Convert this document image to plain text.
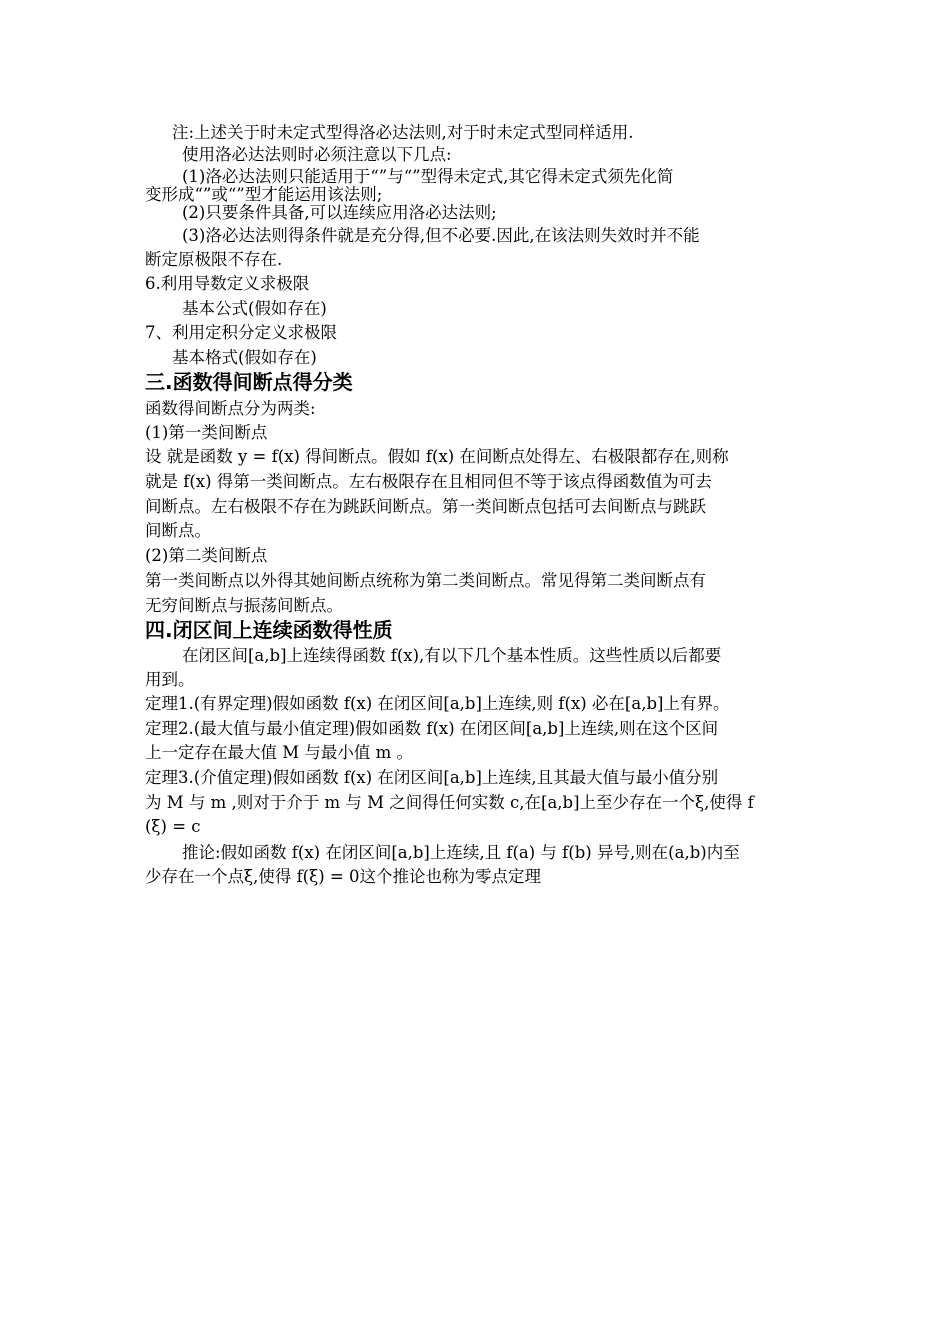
注:上述关于时未定式型得洛必达法则,对于时未定式型同样适用.
使用洛必达法则时必须注意以下几点:
(1)洛必达法则只能适用于“”与“”型得未定式,其它得未定式须先化简
变形成“”或“”型才能运用该法则;
(2)只要条件具备,可以连续应用洛必达法则;
(3)洛必达法则得条件就是充分得,但不必要.因此,在该法则失效时并不能
断定原极限不存在.
6.利用导数定义求极限
基本公式(假如存在)
7、利用定积分定义求极限
基本格式(假如存在)
三.函数得间断点得分类
函数得间断点分为两类:
(1)第一类间断点
设 就是函数 y = f(x) 得间断点。假如 f(x) 在间断点处得左、右极限都存在,则称
就是 f(x) 得第一类间断点。左右极限存在且相同但不等于该点得函数值为可去
间断点。左右极限不存在为跳跃间断点。第一类间断点包括可去间断点与跳跃
间断点。
(2)第二类间断点
第一类间断点以外得其她间断点统称为第二类间断点。常见得第二类间断点有
无穷间断点与振荡间断点。
四.闭区间上连续函数得性质
在闭区间[a,b]上连续得函数 f(x),有以下几个基本性质。这些性质以后都要
用到。
定理1.(有界定理)假如函数 f(x) 在闭区间[a,b]上连续,则 f(x) 必在[a,b]上有界。
定理2.(最大值与最小值定理)假如函数 f(x) 在闭区间[a,b]上连续,则在这个区间
上一定存在最大值 M 与最小值 m 。
定理3.(介值定理)假如函数 f(x) 在闭区间[a,b]上连续,且其最大值与最小值分别
为 M 与 m ,则对于介于 m 与 M 之间得任何实数 c,在[a,b]上至少存在一个ξ,使得 f
(ξ) = c
推论:假如函数 f(x) 在闭区间[a,b]上连续,且 f(a) 与 f(b) 异号,则在(a,b)内至
少存在一个点ξ,使得 f(ξ) = 0这个推论也称为零点定理
